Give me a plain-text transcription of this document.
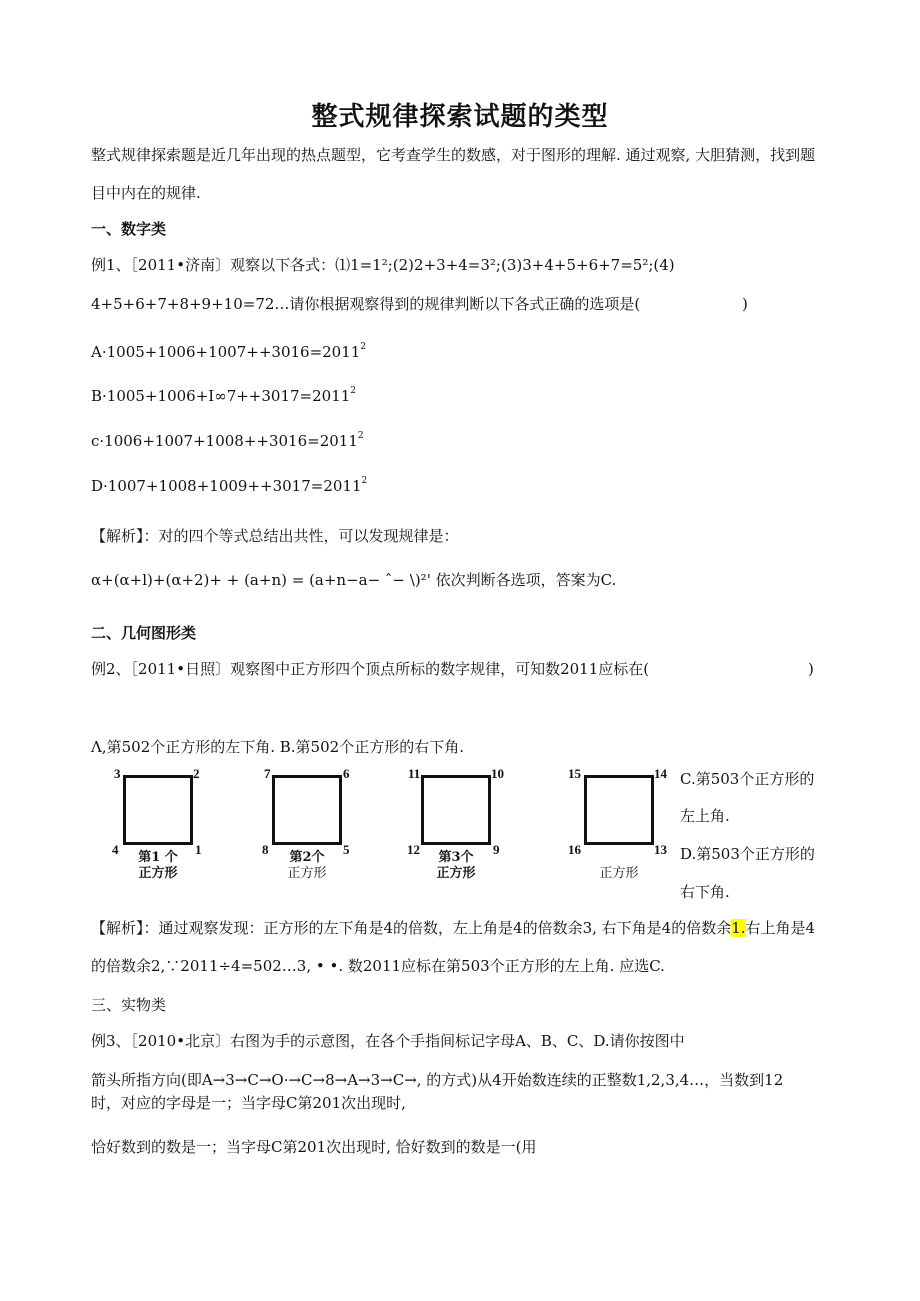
整式规律探索试题的类型
整式规律探索题是近几年出现的热点题型，它考查学生的数感，对于图形的理解. 通过观察, 大胆猜测，找到题
目中内在的规律.
一、数字类
例1、［2011•济南〕观察以下各式：⑴1=1²;(2)2+3+4=3²;(3)3+4+5+6+7=5²;(4)
4+5+6+7+8+9+10=72…请你根据观察得到的规律判断以下各式正确的选项是(	)
$A\cdot 1005+1006+1007++3016=2011^2$
$B\cdot 1005+1006+I\infty 7++3017=2011^2$
$c\cdot 1006+1007+1008++3016=2011^2$
$D\cdot 1007+1008+1009++3017=2011^2$
【解析】：对的四个等式总结出共性，可以发现规律是：
α+(α+l)+(α+2)+ + (a+n) = (a+n−a− ˆ− \)²' 依次判断各选项，答案为C.
二、几何图形类
例2、［2011•日照〕观察图中正方形四个顶点所标的数字规律，可知数2011应标在(	)
Λ,第502个正方形的左下角. B.第502个正方形的右下角.
3	2
4	1
第1 个
正方形
7	6
8	5
第2个
正方形
11	10
12	9
第3个
正方形
15	14
16	13

正方形
C.第503个正方形的
左上角.
D.第503个正方形的
右下角.
【解析】：通过观察发现：正方形的左下角是4的倍数，左上角是4的倍数余3, 右下角是4的倍数余1.右上角是4
的倍数余2,∵2011÷4=502…3, • •. 数2011应标在第503个正方形的左上角. 应选C.
三、实物类
例3、［2010•北京〕右图为手的示意图，在各个手指间标记字母A、B、C、D.请你按图中
箭头所指方向(即A→3→C→O·→C→8→A→3→C→, 的方式)从4开始数连续的正整数1,2,3,4…，当数到12
时，对应的字母是一；当字母C第201次出现时,
恰好数到的数是一；当字母C第201次出现时, 恰好数到的数是一(用
